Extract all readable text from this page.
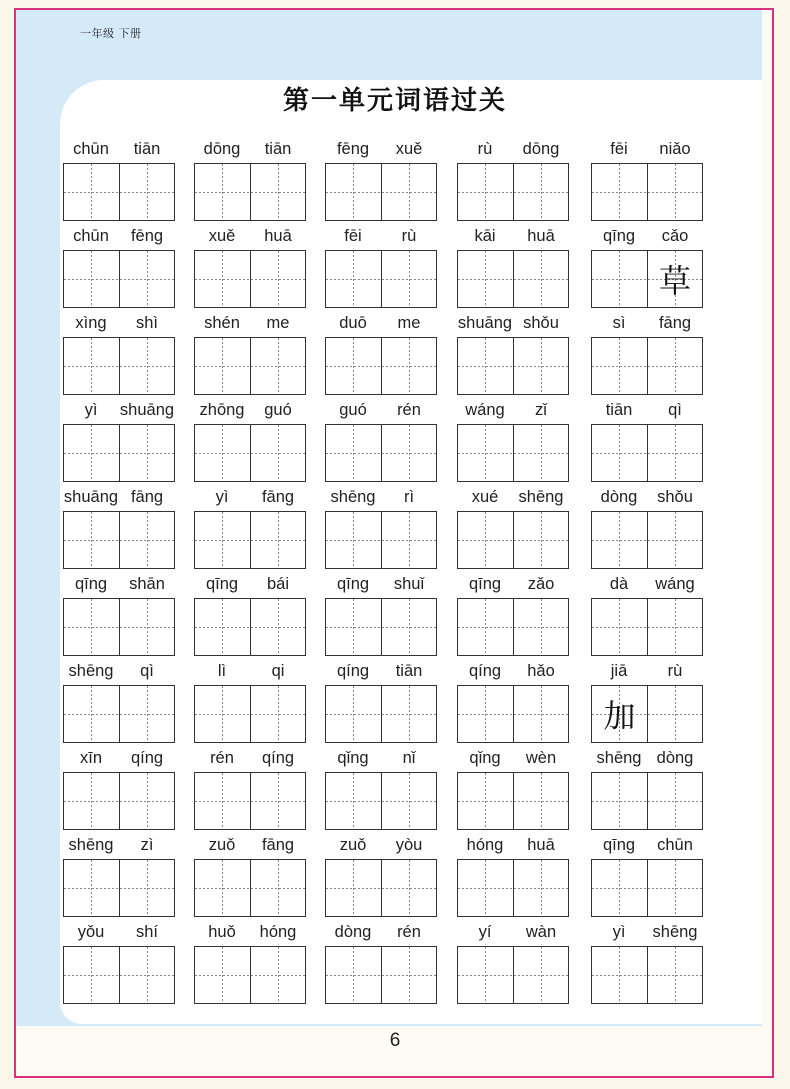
一年级 下册
第一单元词语过关
chūn	tiān	dōng	tiān	fēng	xuě	rù	dōng	fēi	niǎo
chūn	fēng	xuě	huā	fēi	rù	kāi	huā	qīng	cǎo
草
xìng	shì	shén	me	duō	me	shuāng shǒu	sì	fāng
yì	shuāng	zhōng	guó	guó	rén	wáng	zǐ	tiān	qì
shuāng fāng	yì	fāng	shēng	rì	xué	shēng	dòng	shǒu
qīng	shān	qīng	bái	qīng	shuǐ	qīng	zǎo	dà	wáng
shēng	qì	lì	qi	qíng	tiān	qíng	hǎo	jiā	rù
加
xīn	qíng	rén	qíng	qǐng	nǐ	qǐng	wèn	shēng dòng
shēng	zì	zuǒ	fāng	zuǒ	yòu	hóng	huā	qīng	chūn
yǒu	shí	huǒ	hóng	dòng	rén	yí	wàn	yì	shēng
6
